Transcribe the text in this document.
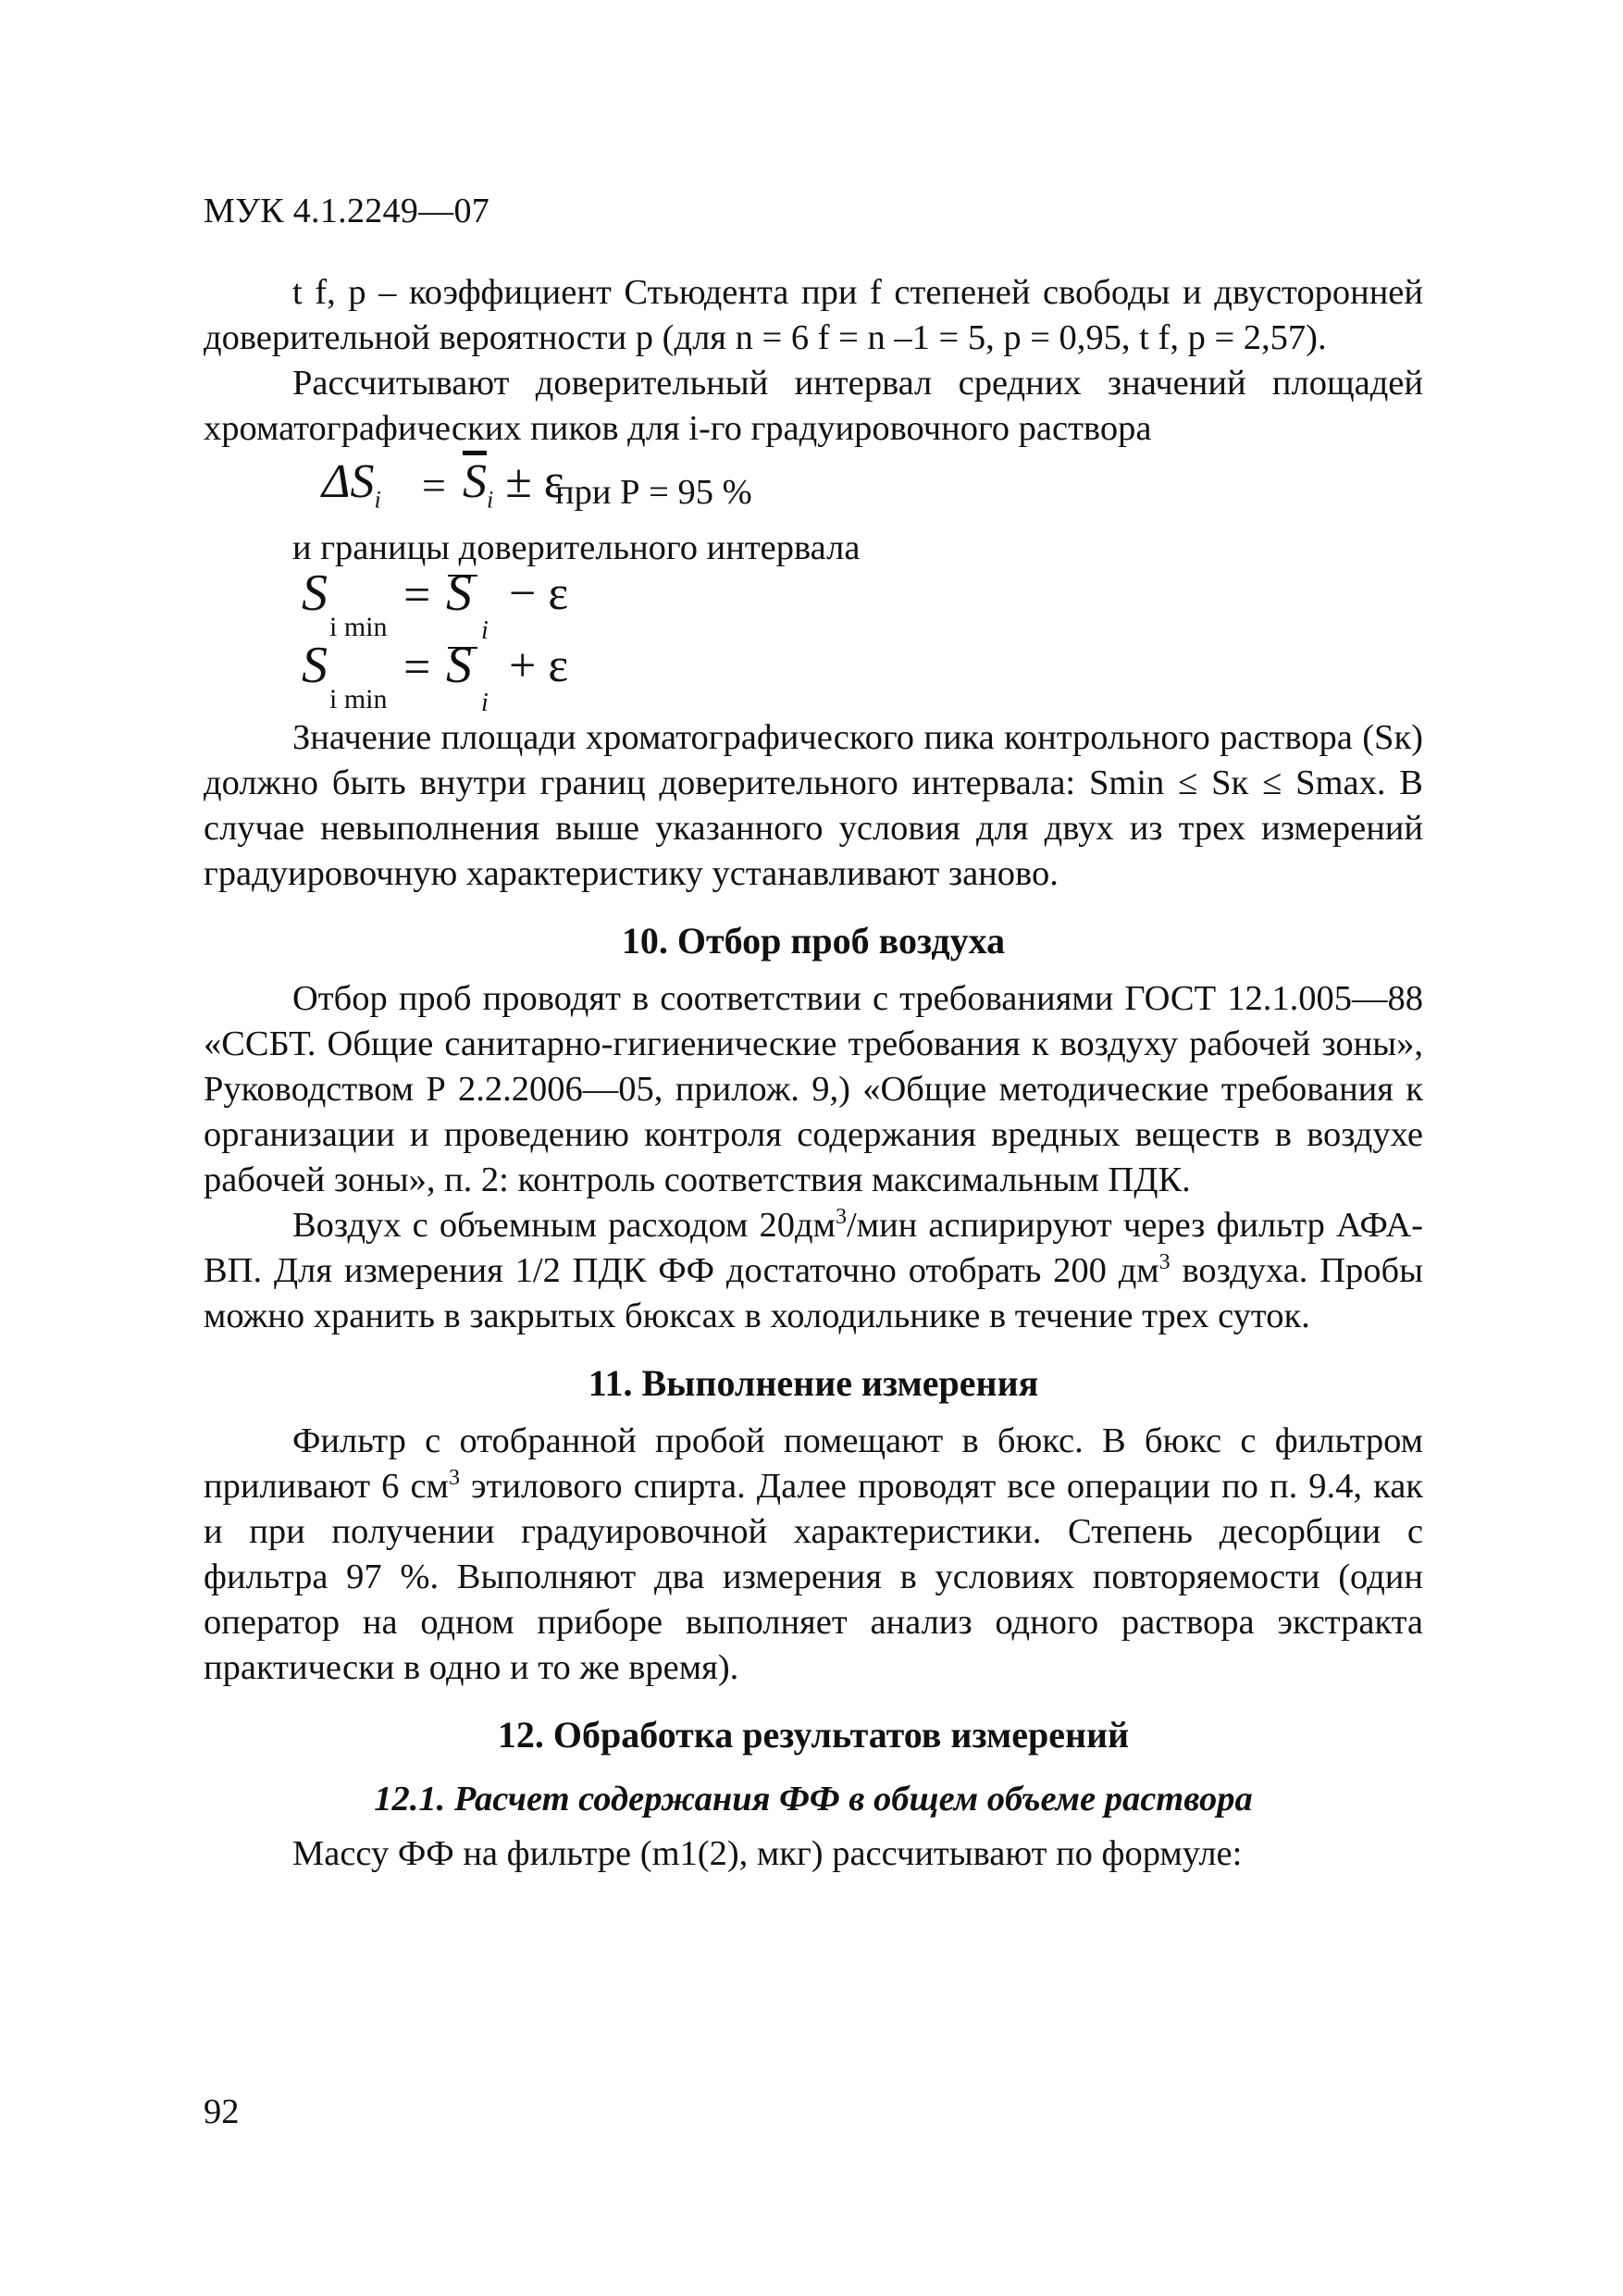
МУК 4.1.2249—07

t f, p – коэффициент Стьюдента при f степеней свободы и двусторонней доверительной вероятности p (для n = 6 f = n –1 = 5, p = 0,95, t f, p = 2,57).

Рассчитывают доверительный интервал средних значений площадей хроматографических пиков для i-го градуировочного раствора

$\Delta S_i = \overline{S}_i \pm \varepsilon$
при Р = 95 %

и границы доверительного интервала

S
i min
= S
i
− ε
S
i min
= S
i
+ ε

Значение площади хроматографического пика контрольного раствора (Sк) должно быть внутри границ доверительного интервала: Smin ≤ Sк ≤ Smax. В случае невыполнения выше указанного условия для двух из трех измерений градуировочную характеристику устанавливают заново.

10. Отбор проб воздуха

Отбор проб проводят в соответствии с требованиями ГОСТ 12.1.005—88 «ССБТ. Общие санитарно-гигиенические требования к воздуху рабочей зоны», Руководством Р 2.2.2006—05, прилож. 9,) «Общие методические требования к организации и проведению контроля содержания вредных веществ в воздухе рабочей зоны», п. 2: контроль соответствия максимальным ПДК.

Воздух с объемным расходом $20дм^3$/мин аспирируют через фильтр АФА-ВП. Для измерения 1/2 ПДК ФФ достаточно отобрать 200 $дм^3$ воздуха. Пробы можно хранить в закрытых бюксах в холодильнике в течение трех суток.

11. Выполнение измерения

Фильтр с отобранной пробой помещают в бюкс. В бюкс с фильтром приливают 6 $см^3$ этилового спирта. Далее проводят все операции по п. 9.4, как и при получении градуировочной характеристики. Степень десорбции с фильтра 97 %. Выполняют два измерения в условиях повторяемости (один оператор на одном приборе выполняет анализ одного раствора экстракта практически в одно и то же время).

12. Обработка результатов измерений
12.1. Расчет содержания ФФ в общем объеме раствора

Массу ФФ на фильтре (m1(2), мкг) рассчитывают по формуле:

92
